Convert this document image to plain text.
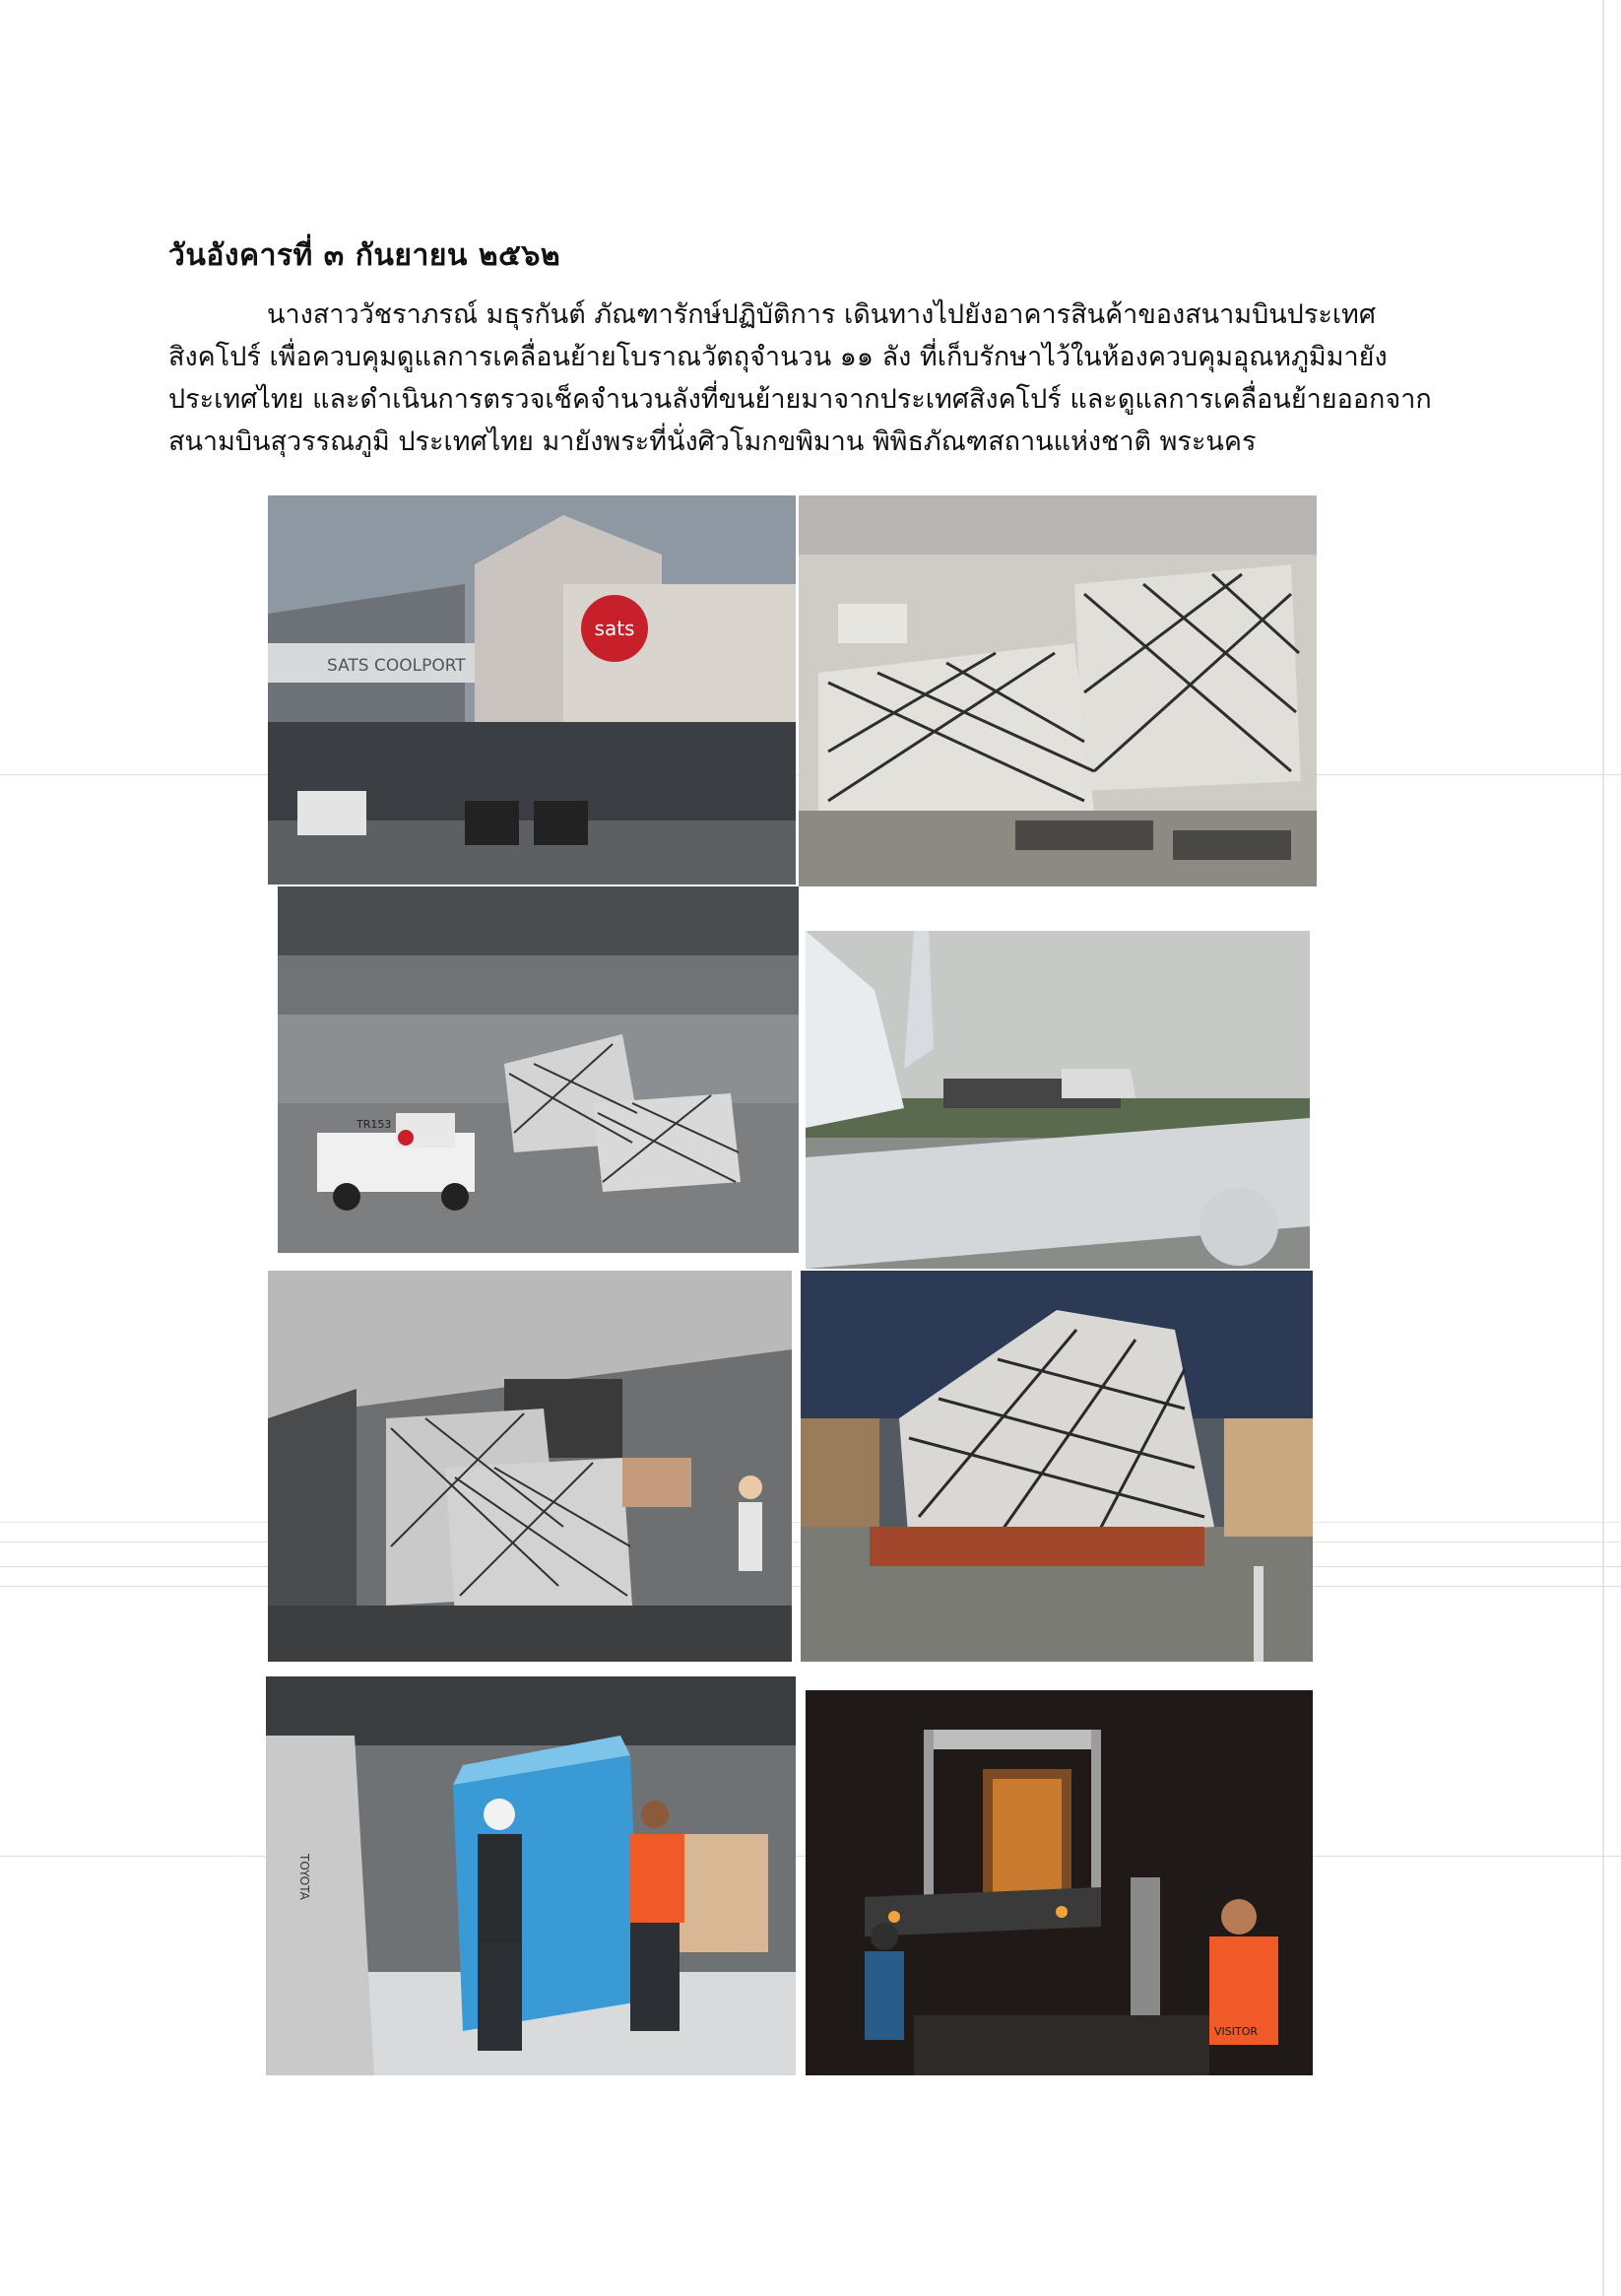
วันอังคารที่ ๓ กันยายน ๒๕๖๒
นางสาววัชราภรณ์ มธุรกันต์ ภัณฑารักษ์ปฏิบัติการ เดินทางไปยังอาคารสินค้าของสนามบินประเทศ
สิงคโปร์ เพื่อควบคุมดูแลการเคลื่อนย้ายโบราณวัตถุจำนวน ๑๑ ลัง ที่เก็บรักษาไว้ในห้องควบคุมอุณหภูมิมายัง
ประเทศไทย และดำเนินการตรวจเช็คจำนวนลังที่ขนย้ายมาจากประเทศสิงคโปร์ และดูแลการเคลื่อนย้ายออกจาก
สนามบินสุวรรณภูมิ ประเทศไทย มายังพระที่นั่งศิวโมกขพิมาน พิพิธภัณฑสถานแห่งชาติ พระนคร
sats
SATS COOLPORT
TR153
TOYOTA
VISITOR
